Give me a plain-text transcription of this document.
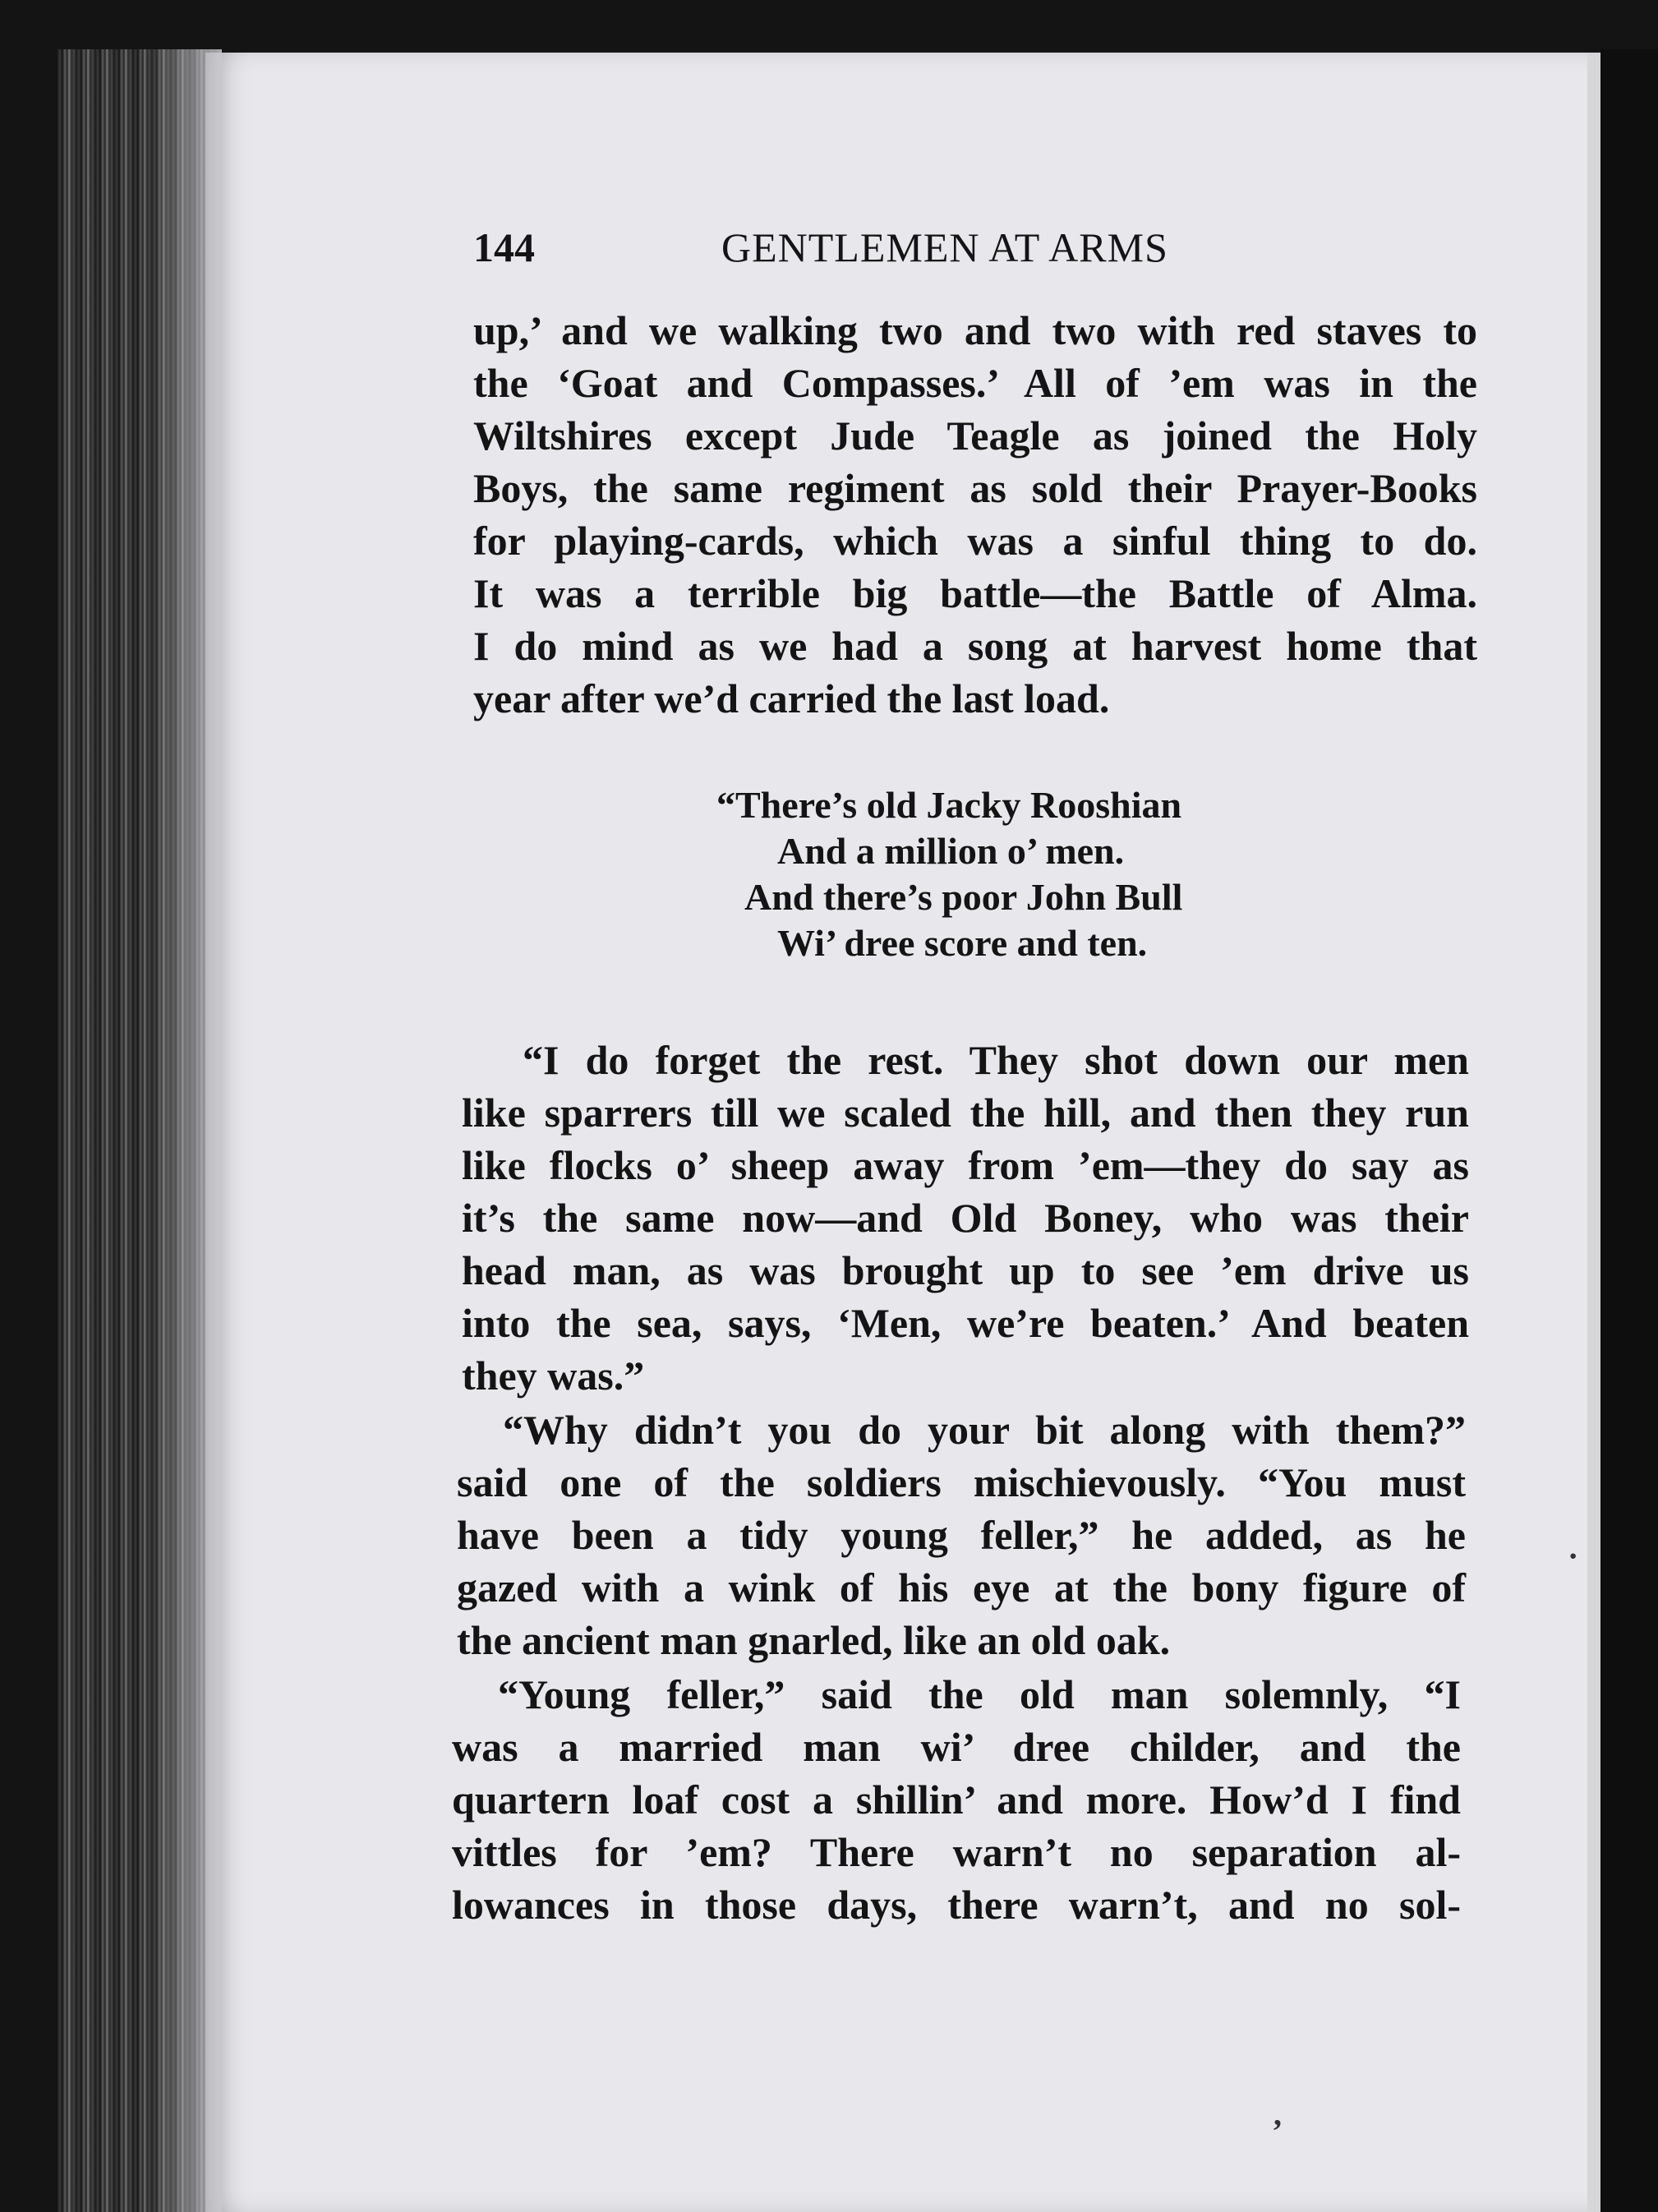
144	GENTLEMEN AT ARMS
up,’ and we walking two and two with red staves to
the ‘Goat and Compasses.’ All of ’em was in the
Wiltshires except Jude Teagle as joined the Holy
Boys, the same regiment as sold their Prayer-Books
for playing-cards, which was a sinful thing to do.
It was a terrible big battle—the Battle of Alma.
I do mind as we had a song at harvest home that
year after we’d carried the last load.
“There’s old Jacky Rooshian
And a million o’ men.
And there’s poor John Bull
Wi’ dree score and ten.
“I do forget the rest. They shot down our men
like sparrers till we scaled the hill, and then they run
like flocks o’ sheep away from ’em—they do say as
it’s the same now—and Old Boney, who was their
head man, as was brought up to see ’em drive us
into the sea, says, ‘Men, we’re beaten.’ And beaten
they was.”
“Why didn’t you do your bit along with them?”
said one of the soldiers mischievously. “You must
have been a tidy young feller,” he added, as he
gazed with a wink of his eye at the bony figure of
the ancient man gnarled, like an old oak.
“Young feller,” said the old man solemnly, “I
was a married man wi’ dree childer, and the
quartern loaf cost a shillin’ and more. How’d I find
vittles for ’em? There warn’t no separation al-
lowances in those days, there warn’t, and no sol-
ʼ
·
